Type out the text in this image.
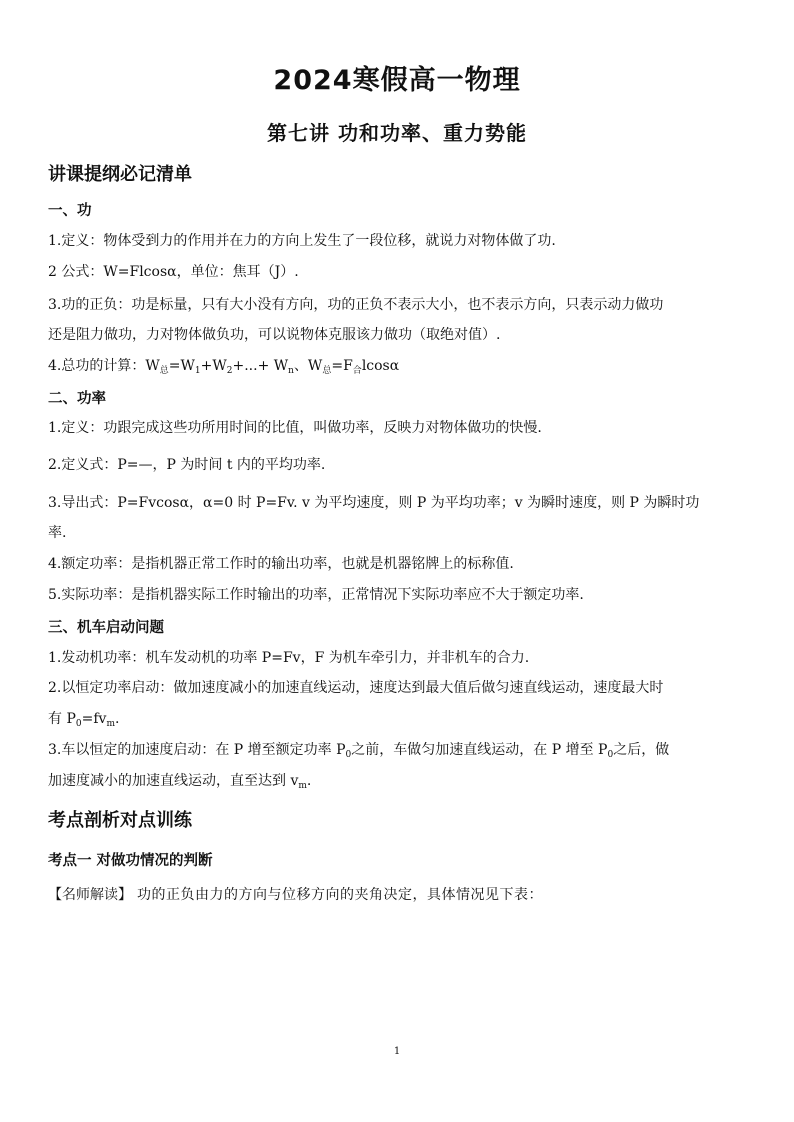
2024寒假高一物理
第七讲 功和功率、重力势能
讲课提纲必记清单
一、功
1.定义：物体受到力的作用并在力的方向上发生了一段位移，就说力对物体做了功.
2 公式：W=Flcosα，单位：焦耳（J）.
3.功的正负：功是标量，只有大小没有方向，功的正负不表示大小，也不表示方向，只表示动力做功
还是阻力做功，力对物体做负功，可以说物体克服该力做功（取绝对值）.
4.总功的计算：$W_总=W_1+W_2+...+ W_n$、$W_总=F_合lcos\alpha$
二、功率
1.定义：功跟完成这些功所用时间的比值，叫做功率，反映力对物体做功的快慢.
2.定义式：P=—，P 为时间 t 内的平均功率.
3.导出式：P=Fvcosα，α=0 时 P=Fv. v 为平均速度，则 P 为平均功率；v 为瞬时速度，则 P 为瞬时功
率.
4.额定功率：是指机器正常工作时的输出功率，也就是机器铭牌上的标称值.
5.实际功率：是指机器实际工作时输出的功率，正常情况下实际功率应不大于额定功率.
三、机车启动问题
1.发动机功率：机车发动机的功率 P=Fv，F 为机车牵引力，并非机车的合力.
2.以恒定功率启动：做加速度减小的加速直线运动，速度达到最大值后做匀速直线运动，速度最大时
有 $P_0=fv_m$.
3.车以恒定的加速度启动：在 P 增至额定功率 $P_0$之前，车做匀加速直线运动，在 P 增至 $P_0$之后，做
加速度减小的加速直线运动，直至达到 $v_m$.
考点剖析对点训练
考点一 对做功情况的判断
【名师解读】 功的正负由力的方向与位移方向的夹角决定，具体情况见下表：
1
